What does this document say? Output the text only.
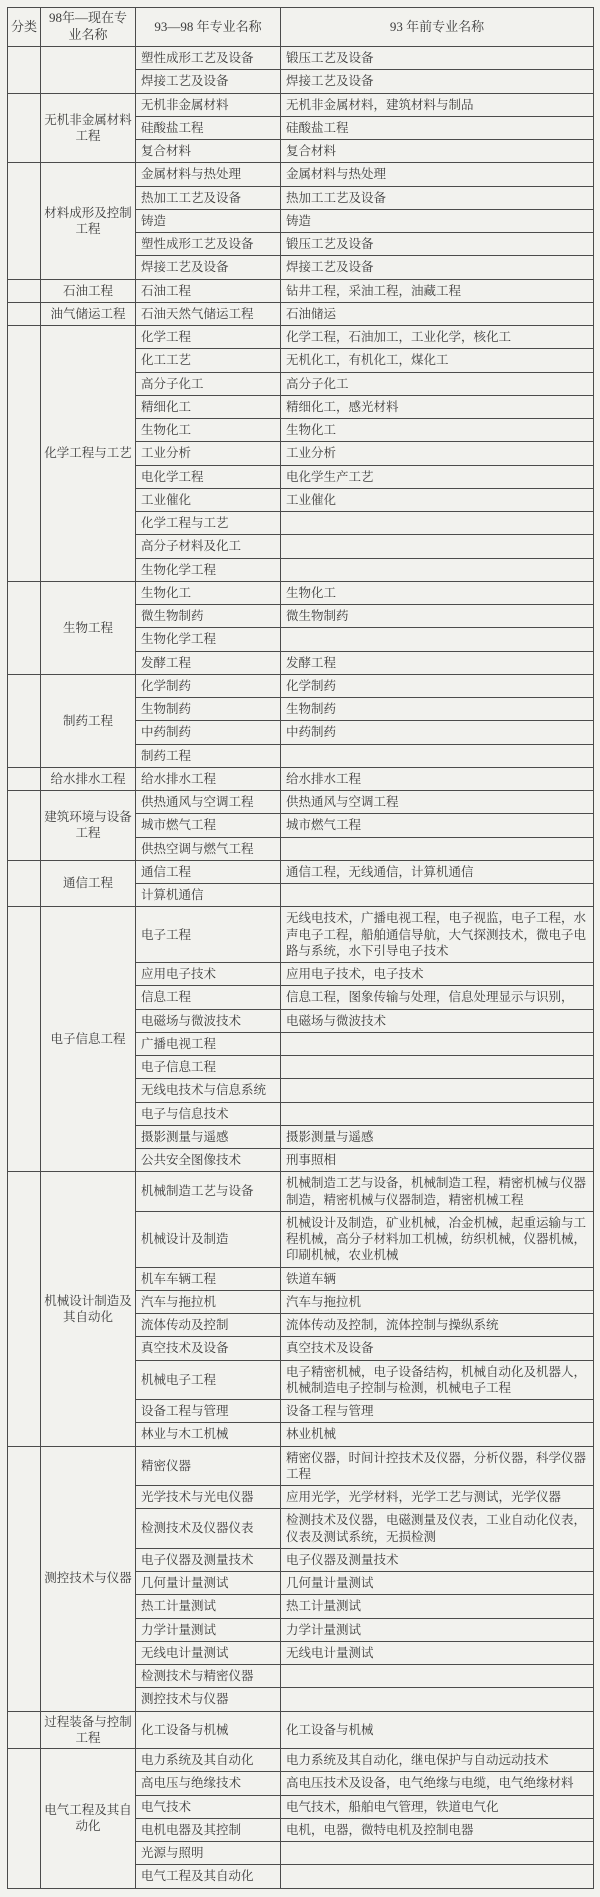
分类	98年—现在专业名称	93—98 年专业名称	93 年前专业名称
		塑性成形工艺及设备	锻压工艺及设备
		焊接工艺及设备	焊接工艺及设备
	无机非金属材料工程	无机非金属材料	无机非金属材料，建筑材料与制品
		硅酸盐工程	硅酸盐工程
		复合材料	复合材料
	材料成形及控制工程	金属材料与热处理	金属材料与热处理
		热加工工艺及设备	热加工工艺及设备
		铸造	铸造
		塑性成形工艺及设备	锻压工艺及设备
		焊接工艺及设备	焊接工艺及设备
	石油工程	石油工程	钻井工程，采油工程，油藏工程
	油气储运工程	石油天然气储运工程	石油储运
	化学工程与工艺	化学工程	化学工程，石油加工，工业化学，核化工
		化工工艺	无机化工，有机化工，煤化工
		高分子化工	高分子化工
		精细化工	精细化工，感光材料
		生物化工	生物化工
		工业分析	工业分析
		电化学工程	电化学生产工艺
		工业催化	工业催化
		化学工程与工艺	
		高分子材料及化工	
		生物化学工程	
	生物工程	生物化工	生物化工
		微生物制药	微生物制药
		生物化学工程	
		发酵工程	发酵工程
	制药工程	化学制药	化学制药
		生物制药	生物制药
		中药制药	中药制药
		制药工程	
	给水排水工程	给水排水工程	给水排水工程
	建筑环境与设备工程	供热通风与空调工程	供热通风与空调工程
		城市燃气工程	城市燃气工程
		供热空调与燃气工程	
	通信工程	通信工程	通信工程，无线通信，计算机通信
		计算机通信	
	电子信息工程	电子工程	无线电技术，广播电视工程，电子视监，电子工程，水声电子工程，船舶通信导航，大气探测技术，微电子电路与系统，水下引导电子技术
		应用电子技术	应用电子技术，电子技术
		信息工程	信息工程，图象传输与处理，信息处理显示与识别，
		电磁场与微波技术	电磁场与微波技术
		广播电视工程	
		电子信息工程	
		无线电技术与信息系统	
		电子与信息技术	
		摄影测量与遥感	摄影测量与遥感
		公共安全图像技术	刑事照相
	机械设计制造及其自动化	机械制造工艺与设备	机械制造工艺与设备，机械制造工程，精密机械与仪器制造，精密机械与仪器制造，精密机械工程
		机械设计及制造	机械设计及制造，矿业机械，冶金机械，起重运输与工程机械，高分子材料加工机械，纺织机械，仪器机械，印刷机械，农业机械
		机车车辆工程	铁道车辆
		汽车与拖拉机	汽车与拖拉机
		流体传动及控制	流体传动及控制，流体控制与操纵系统
		真空技术及设备	真空技术及设备
		机械电子工程	电子精密机械，电子设备结构，机械自动化及机器人，机械制造电子控制与检测，机械电子工程
		设备工程与管理	设备工程与管理
		林业与木工机械	林业机械
	测控技术与仪器	精密仪器	精密仪器，时间计控技术及仪器，分析仪器，科学仪器工程
		光学技术与光电仪器	应用光学，光学材料，光学工艺与测试，光学仪器
		检测技术及仪器仪表	检测技术及仪器，电磁测量及仪表，工业自动化仪表，仪表及测试系统，无损检测
		电子仪器及测量技术	电子仪器及测量技术
		几何量计量测试	几何量计量测试
		热工计量测试	热工计量测试
		力学计量测试	力学计量测试
		无线电计量测试	无线电计量测试
		检测技术与精密仪器	
		测控技术与仪器	
	过程装备与控制工程	化工设备与机械	化工设备与机械
	电气工程及其自动化	电力系统及其自动化	电力系统及其自动化，继电保护与自动远动技术
		高电压与绝缘技术	高电压技术及设备，电气绝缘与电缆，电气绝缘材料
		电气技术	电气技术，船舶电气管理，铁道电气化
		电机电器及其控制	电机，电器，微特电机及控制电器
		光源与照明	
		电气工程及其自动化	
